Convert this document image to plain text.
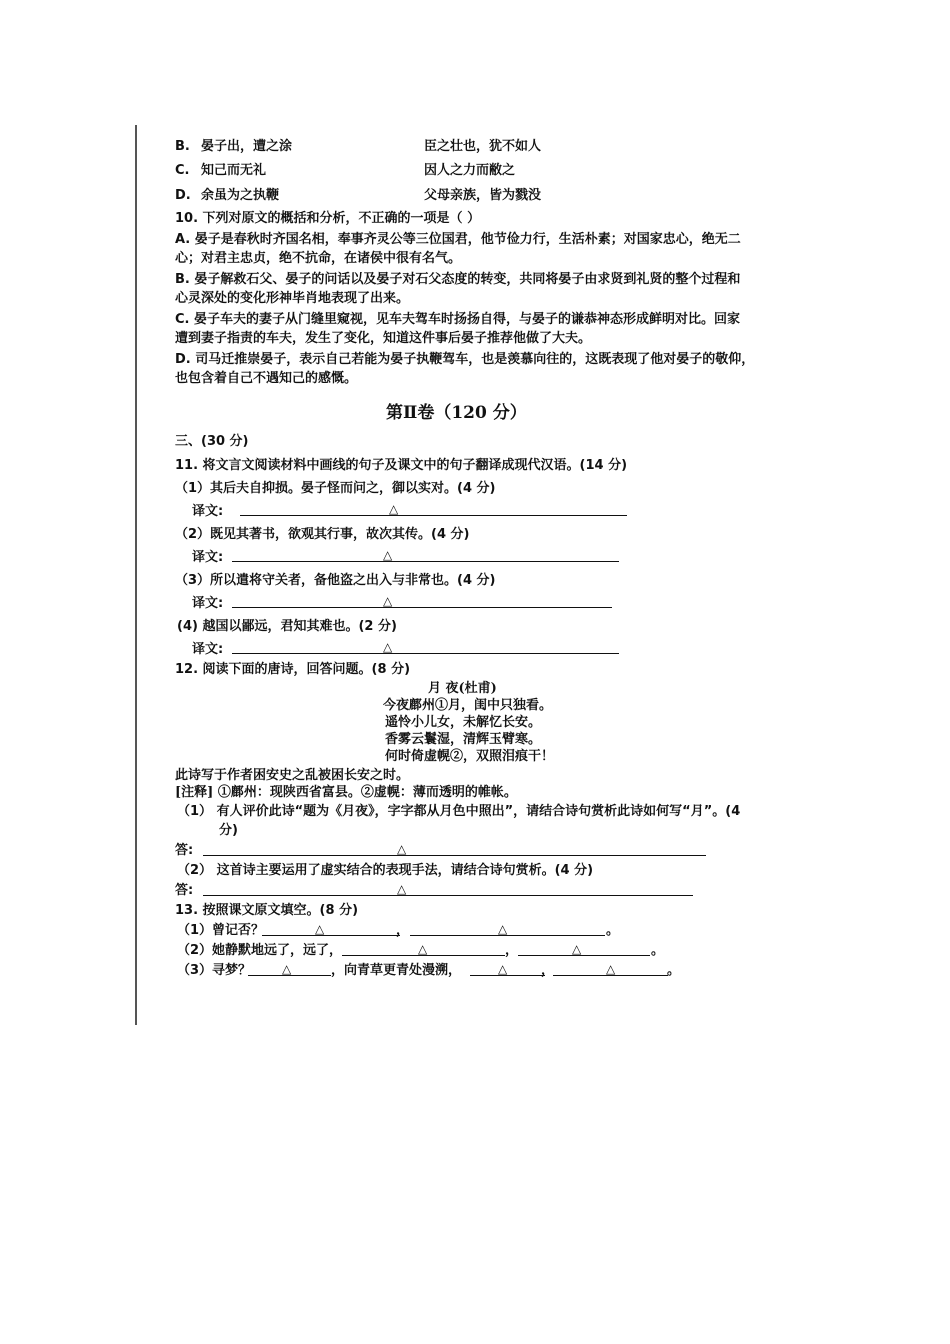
B. 晏子出，遭之涂	臣之壮也，犹不如人
C. 知己而无礼	因人之力而敝之
D. 余虽为之执鞭	父母亲族，皆为戮没
10. 下列对原文的概括和分析，不正确的一项是（ ）
A. 晏子是春秋时齐国名相，奉事齐灵公等三位国君，他节俭力行，生活朴素；对国家忠心，绝无二
心；对君主忠贞，绝不抗命，在诸侯中很有名气。
B. 晏子解救石父、晏子的问话以及晏子对石父态度的转变，共同将晏子由求贤到礼贤的整个过程和
心灵深处的变化形神毕肖地表现了出来。
C. 晏子车夫的妻子从门缝里窥视，见车夫驾车时扬扬自得，与晏子的谦恭神态形成鲜明对比。回家
遭到妻子指责的车夫，发生了变化，知道这件事后晏子推荐他做了大夫。
D. 司马迁推崇晏子，表示自己若能为晏子执鞭驾车，也是羡慕向往的，这既表现了他对晏子的敬仰，
也包含着自己不遇知己的感慨。
第Ⅱ卷（120 分）
三、(30 分)
11. 将文言文阅读材料中画线的句子及课文中的句子翻译成现代汉语。(14 分)
（1）其后夫自抑损。晏子怪而问之，御以实对。(4 分)
译文:	△
（2）既见其著书，欲观其行事，故次其传。(4 分)
译文:	△
（3）所以遣将守关者，备他盗之出入与非常也。(4 分)
译文:	△
(4) 越国以鄙远，君知其难也。(2 分)
译文:	△
12. 阅读下面的唐诗，回答问题。(8 分)
月 夜(杜甫)
今夜鄜州①月，闺中只独看。
遥怜小儿女，未解忆长安。
香雾云鬟湿，清辉玉臂寒。
何时倚虚幌②，双照泪痕干！
此诗写于作者困安史之乱被困长安之时。
[注释] ①鄜州：现陕西省富县。②虚幌：薄而透明的帷帐。
（1） 有人评价此诗“题为《月夜》，字字都从月色中照出”，请结合诗句赏析此诗如何写“月”。(4
分)
答:	△
（2） 这首诗主要运用了虚实结合的表现手法，请结合诗句赏析。(4 分)
答:	△
13. 按照课文原文填空。(8 分)
（1）曾记否？	△	，	△	。
（2）她静默地远了，远了，	△	，	△	。
（3）寻梦？	△	，向青草更青处漫溯，	△	，	△	。
